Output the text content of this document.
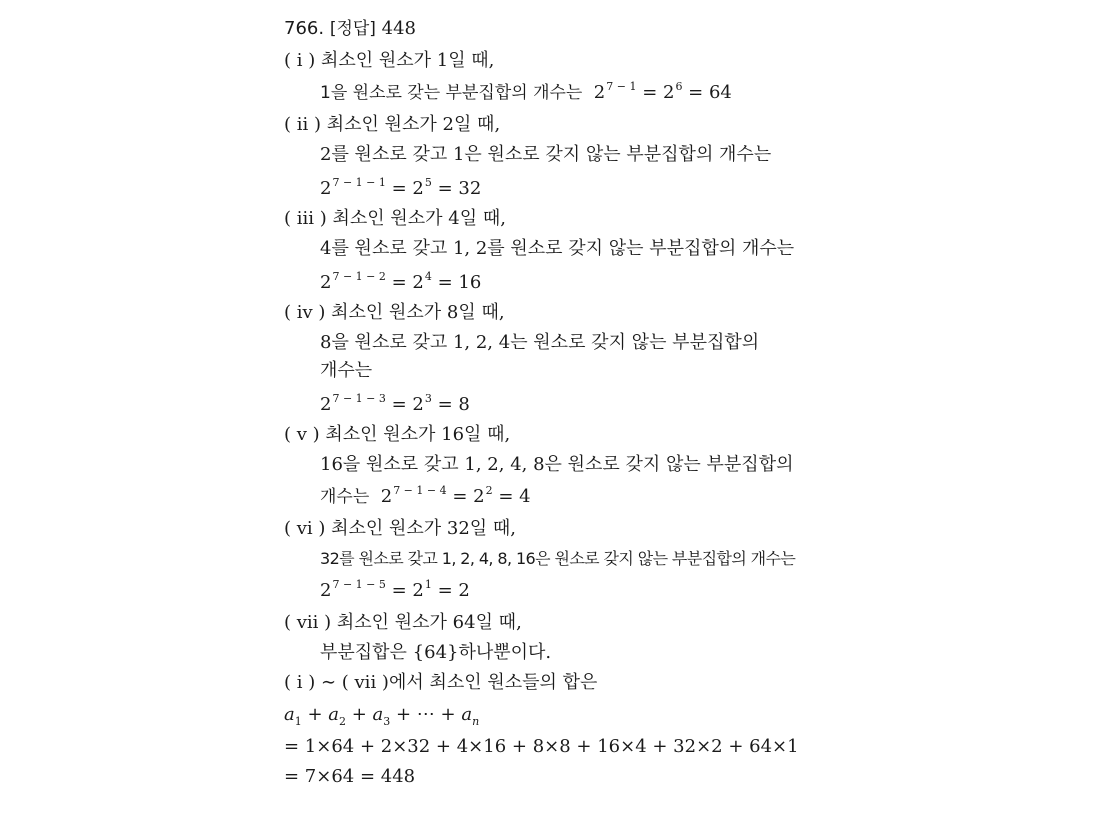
766. [정답] 448
( i ) 최소인 원소가 1일 때,
1을 원소로 갖는 부분집합의 개수는 $2^{7 - 1} = 2^6 = 64$
( ii ) 최소인 원소가 2일 때,
2를 원소로 갖고 1은 원소로 갖지 않는 부분집합의 개수는
$2^{7 - 1 - 1} = 2^5 = 32$
( iii ) 최소인 원소가 4일 때,
4를 원소로 갖고 1, 2를 원소로 갖지 않는 부분집합의 개수는
$2^{7 - 1 - 2} = 2^4 = 16$
( iv ) 최소인 원소가 8일 때,
8을 원소로 갖고 1, 2, 4는 원소로 갖지 않는 부분집합의
개수는
$2^{7 - 1 - 3} = 2^3 = 8$
( v ) 최소인 원소가 16일 때,
16을 원소로 갖고 1, 2, 4, 8은 원소로 갖지 않는 부분집합의
개수는 $2^{7 - 1 - 4} = 2^2 = 4$
( vi ) 최소인 원소가 32일 때,
32를 원소로 갖고 1, 2, 4, 8, 16은 원소로 갖지 않는 부분집합의 개수는
$2^{7 - 1 - 5} = 2^1 = 2$
( vii ) 최소인 원소가 64일 때,
부분집합은 {64}하나뿐이다.
( i ) ∼ ( vii )에서 최소인 원소들의 합은
$a_1 + a_2 + a_3$ + ⋯ + $a_n$
= 1×64 + 2×32 + 4×16 + 8×8 + 16×4 + 32×2 + 64×1
= 7×64 = 448
